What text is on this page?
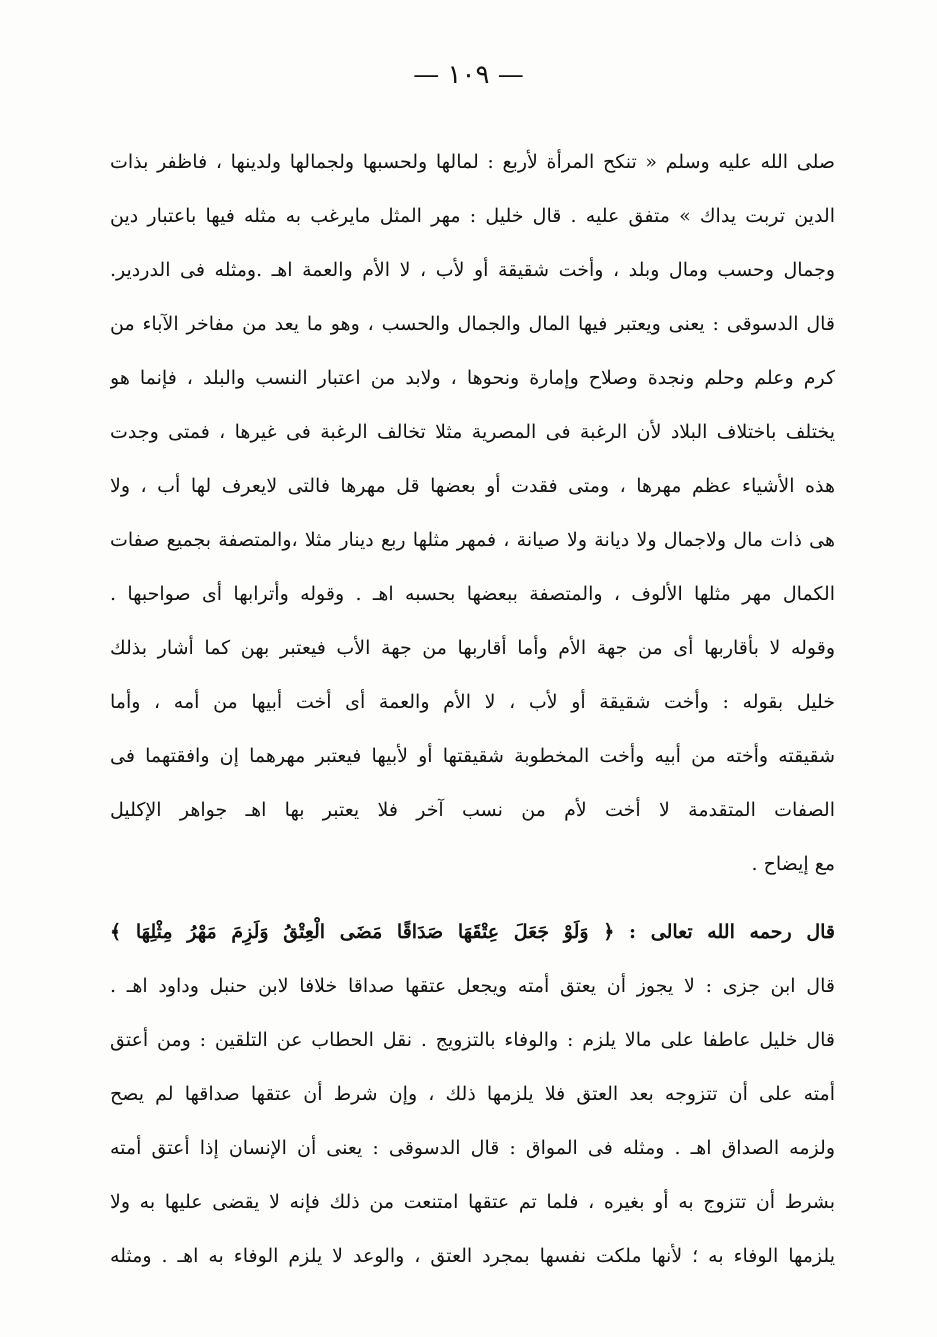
— ١٠٩ —
صلى الله عليه وسلم « تنكح المرأة لأربع : لمالها ولحسبها ولجمالها ولدينها ، فاظفر بذات
الدين تربت يداك » متفق عليه . قال خليل : مهر المثل مايرغب به مثله فيها باعتبار دين
وجمال وحسب ومال وبلد ، وأخت شقيقة أو لأب ، لا الأم والعمة اهـ .ومثله فى الدردير.
قال الدسوقى : يعنى ويعتبر فيها المال والجمال والحسب ، وهو ما يعد من مفاخر الآباء من
كرم وعلم وحلم ونجدة وصلاح وإمارة ونحوها ، ولابد من اعتبار النسب والبلد ، فإنما هو
يختلف باختلاف البلاد لأن الرغبة فى المصرية مثلا تخالف الرغبة فى غيرها ، فمتى وجدت
هذه الأشياء عظم مهرها ، ومتى فقدت أو بعضها قل مهرها فالتى لايعرف لها أب ، ولا
هى ذات مال ولاجمال ولا ديانة ولا صيانة ، فمهر مثلها ربع دينار مثلا ،والمتصفة بجميع صفات
الكمال مهر مثلها الألوف ، والمتصفة ببعضها بحسبه اهـ . وقوله وأترابها أى صواحبها .
وقوله لا بأقاربها أى من جهة الأم وأما أقاربها من جهة الأب فيعتبر بهن كما أشار بذلك
خليل بقوله : وأخت شقيقة أو لأب ، لا الأم والعمة أى أخت أبيها من أمه ، وأما
شقيقته وأخته من أبيه وأخت المخطوبة شقيقتها أو لأبيها فيعتبر مهرهما إن وافقتهما فى
الصفات المتقدمة لا أخت لأم من نسب آخر فلا يعتبر بها اهـ جواهر الإكليل
مع إيضاح .
قال رحمه الله تعالى : ﴿ وَلَوْ جَعَلَ عِتْقَهَا صَدَاقًا مَضَى الْعِتْقُ وَلَزِمَ مَهْرُ مِثْلِهَا ﴾
قال ابن جزى : لا يجوز أن يعتق أمته ويجعل عتقها صداقا خلافا لابن حنبل وداود اهـ .
قال خليل عاطفا على مالا يلزم : والوفاء بالتزويج . نقل الحطاب عن التلقين : ومن أعتق
أمته على أن تتزوجه بعد العتق فلا يلزمها ذلك ، وإن شرط أن عتقها صداقها لم يصح
ولزمه الصداق اهـ . ومثله فى المواق : قال الدسوقى : يعنى أن الإنسان إذا أعتق أمته
بشرط أن تتزوج به أو بغيره ، فلما تم عتقها امتنعت من ذلك فإنه لا يقضى عليها به ولا
يلزمها الوفاء به ؛ لأنها ملكت نفسها بمجرد العتق ، والوعد لا يلزم الوفاء به اهـ . ومثله
